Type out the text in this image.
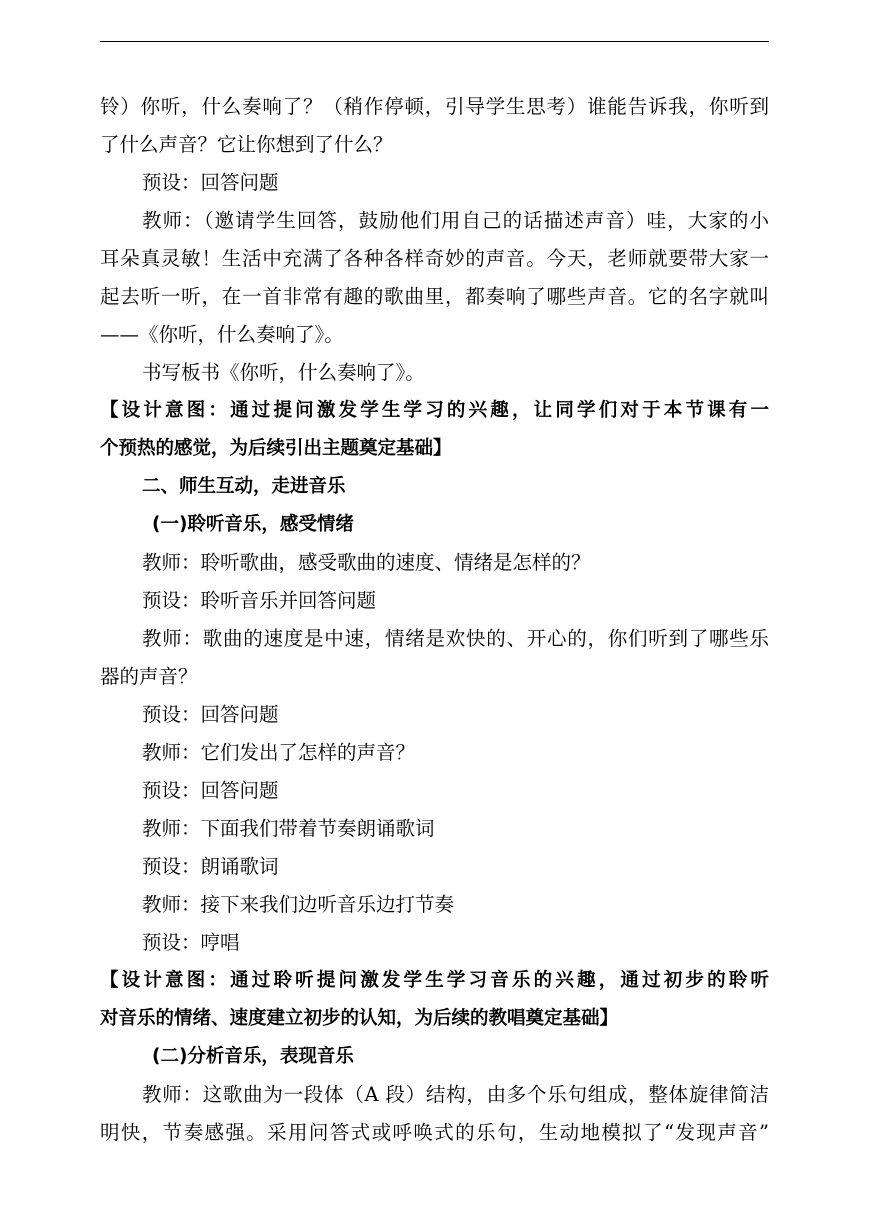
铃）你听，什么奏响了？（稍作停顿，引导学生思考）谁能告诉我，你听到
了什么声音？它让你想到了什么？
预设：回答问题
教师：（邀请学生回答，鼓励他们用自己的话描述声音）哇，大家的小
耳朵真灵敏！生活中充满了各种各样奇妙的声音。今天，老师就要带大家一
起去听一听，在一首非常有趣的歌曲里，都奏响了哪些声音。它的名字就叫
——《你听，什么奏响了》。
书写板书《你听，什么奏响了》。
【设计意图：通过提问激发学生学习的兴趣，让同学们对于本节课有一
个预热的感觉，为后续引出主题奠定基础】
二、师生互动，走进音乐
(一)聆听音乐，感受情绪
教师：聆听歌曲，感受歌曲的速度、情绪是怎样的？
预设：聆听音乐并回答问题
教师：歌曲的速度是中速，情绪是欢快的、开心的，你们听到了哪些乐
器的声音？
预设：回答问题
教师：它们发出了怎样的声音？
预设：回答问题
教师：下面我们带着节奏朗诵歌词
预设：朗诵歌词
教师：接下来我们边听音乐边打节奏
预设：哼唱
【设计意图：通过聆听提问激发学生学习音乐的兴趣，通过初步的聆听
对音乐的情绪、速度建立初步的认知，为后续的教唱奠定基础】
(二)分析音乐，表现音乐
教师：这歌曲为一段体（A 段）结构，由多个乐句组成，整体旋律简洁
明快，节奏感强。采用问答式或呼唤式的乐句，生动地模拟了“发现声音”
